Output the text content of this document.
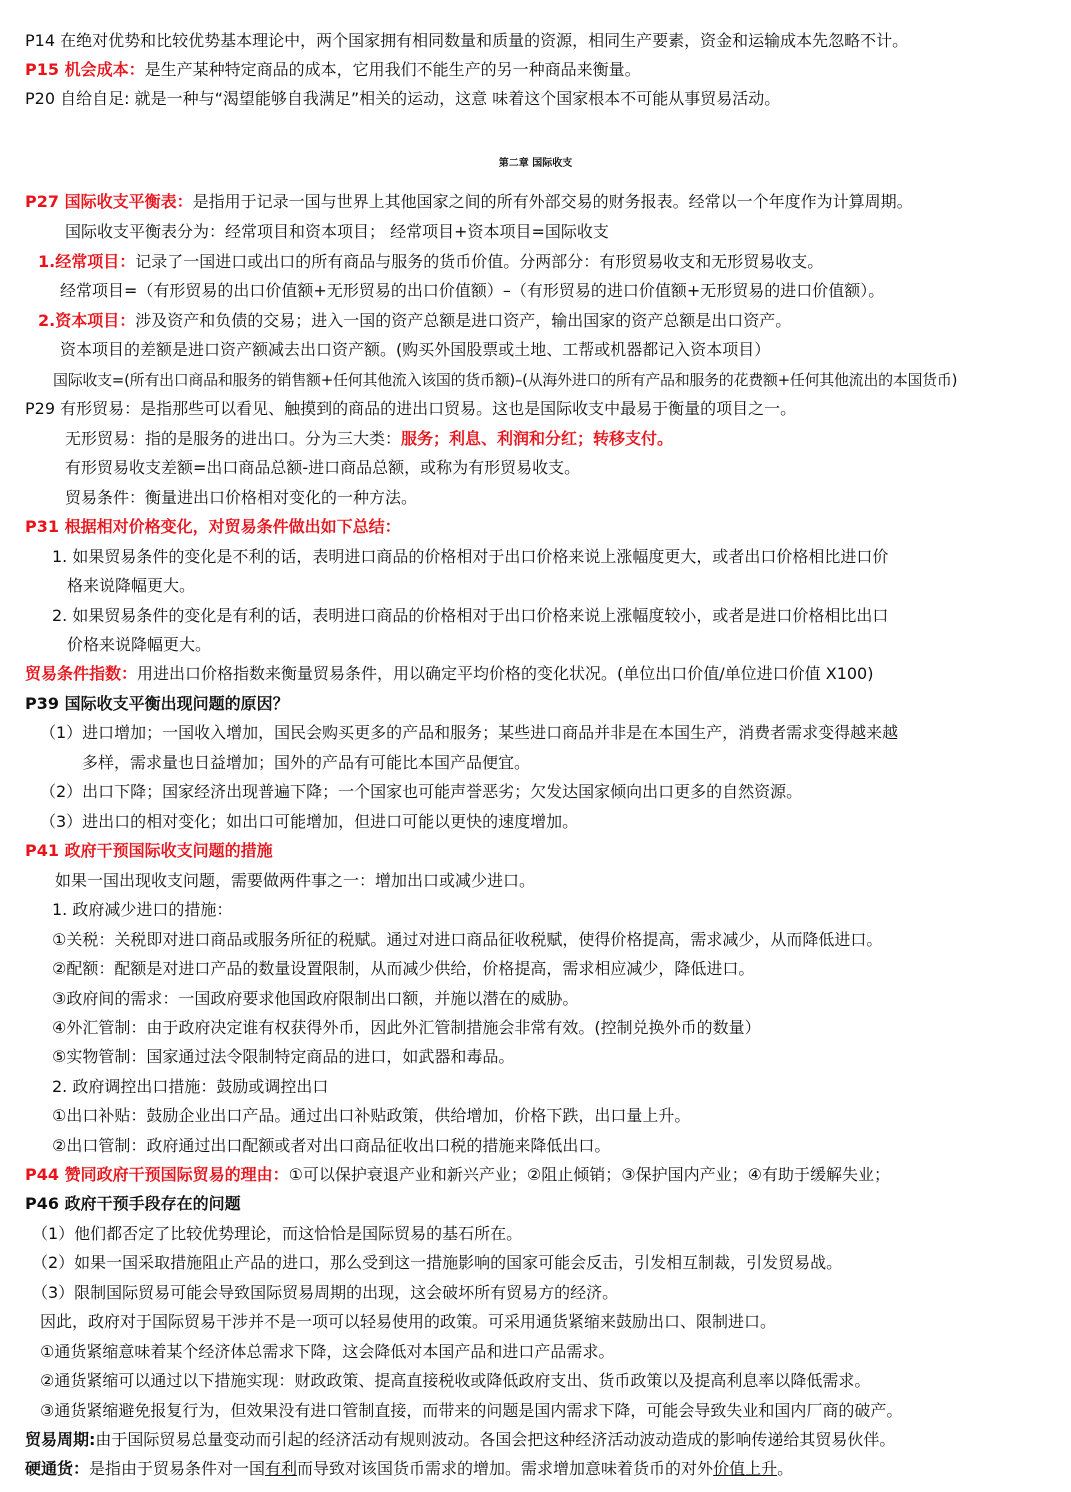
P14 在绝对优势和比较优势基本理论中，两个国家拥有相同数量和质量的资源，相同生产要素，资金和运输成本先忽略不计。
P15 机会成本：是生产某种特定商品的成本，它用我们不能生产的另一种商品来衡量。
P20 自给自足: 就是一种与“渴望能够自我满足”相关的运动，这意 味着这个国家根本不可能从事贸易活动。
第二章 国际收支
P27 国际收支平衡表：是指用于记录一国与世界上其他国家之间的所有外部交易的财务报表。经常以一个年度作为计算周期。
国际收支平衡表分为：经常项目和资本项目； 经常项目+资本项目=国际收支
1.经常项目：记录了一国进口或出口的所有商品与服务的货币价值。分两部分：有形贸易收支和无形贸易收支。
经常项目=（有形贸易的出口价值额+无形贸易的出口价值额）–（有形贸易的进口价值额+无形贸易的进口价值额）。
2.资本项目：涉及资产和负债的交易；进入一国的资产总额是进口资产，输出国家的资产总额是出口资产。
资本项目的差额是进口资产额减去出口资产额。(购买外国股票或土地、工帮或机器都记入资本项目）
国际收支=(所有出口商品和服务的销售额+任何其他流入该国的货币额)–(从海外进口的所有产品和服务的花费额+任何其他流出的本国货币)
P29 有形贸易：是指那些可以看见、触摸到的商品的进出口贸易。这也是国际收支中最易于衡量的项目之一。
无形贸易：指的是服务的进出口。分为三大类：服务；利息、利润和分红；转移支付。
有形贸易收支差额=出口商品总额-进口商品总额，或称为有形贸易收支。
贸易条件：衡量进出口价格相对变化的一种方法。
P31 根据相对价格变化，对贸易条件做出如下总结：
1. 如果贸易条件的变化是不利的话，表明进口商品的价格相对于出口价格来说上涨幅度更大，或者出口价格相比进口价
格来说降幅更大。
2. 如果贸易条件的变化是有利的话，表明进口商品的价格相对于出口价格来说上涨幅度较小，或者是进口价格相比出口
价格来说降幅更大。
贸易条件指数：用进出口价格指数来衡量贸易条件，用以确定平均价格的变化状况。(单位出口价值/单位进口价值 X100)
P39 国际收支平衡出现问题的原因？
（1）进口增加；一国收入增加，国民会购买更多的产品和服务；某些进口商品并非是在本国生产，消费者需求变得越来越
多样，需求量也日益增加；国外的产品有可能比本国产品便宜。
（2）出口下降；国家经济出现普遍下降；一个国家也可能声誉恶劣；欠发达国家倾向出口更多的自然资源。
（3）进出口的相对变化；如出口可能增加，但进口可能以更快的速度增加。
P41 政府干预国际收支问题的措施
如果一国出现收支问题，需要做两件事之一：增加出口或减少进口。
1. 政府减少进口的措施：
①关税：关税即对进口商品或服务所征的税赋。通过对进口商品征收税赋，使得价格提高，需求减少，从而降低进口。
②配额：配额是对进口产品的数量设置限制，从而减少供给，价格提高，需求相应减少，降低进口。
③政府间的需求：一国政府要求他国政府限制出口额，并施以潜在的威胁。
④外汇管制：由于政府决定谁有权获得外币，因此外汇管制措施会非常有效。(控制兑换外币的数量）
⑤实物管制：国家通过法令限制特定商品的进口，如武器和毒品。
2. 政府调控出口措施：鼓励或调控出口
①出口补贴：鼓励企业出口产品。通过出口补贴政策，供给增加，价格下跌，出口量上升。
②出口管制：政府通过出口配额或者对出口商品征收出口税的措施来降低出口。
P44 赞同政府干预国际贸易的理由：①可以保护衰退产业和新兴产业；②阻止倾销；③保护国内产业；④有助于缓解失业；
P46 政府干预手段存在的问题
（1）他们都否定了比较优势理论，而这恰恰是国际贸易的基石所在。
（2）如果一国采取措施阻止产品的进口，那么受到这一措施影响的国家可能会反击，引发相互制裁，引发贸易战。
（3）限制国际贸易可能会导致国际贸易周期的出现，这会破坏所有贸易方的经济。
因此，政府对于国际贸易干涉并不是一项可以轻易使用的政策。可采用通货紧缩来鼓励出口、限制进口。
①通货紧缩意味着某个经济体总需求下降，这会降低对本国产品和进口产品需求。
②通货紧缩可以通过以下措施实现：财政政策、提高直接税收或降低政府支出、货币政策以及提高利息率以降低需求。
③通货紧缩避免报复行为，但效果没有进口管制直接，而带来的问题是国内需求下降，可能会导致失业和国内厂商的破产。
贸易周期:由于国际贸易总量变动而引起的经济活动有规则波动。各国会把这种经济活动波动造成的影响传递给其贸易伙伴。
硬通货：是指由于贸易条件对一国有利而导致对该国货币需求的增加。需求增加意味着货币的对外价值上升。
